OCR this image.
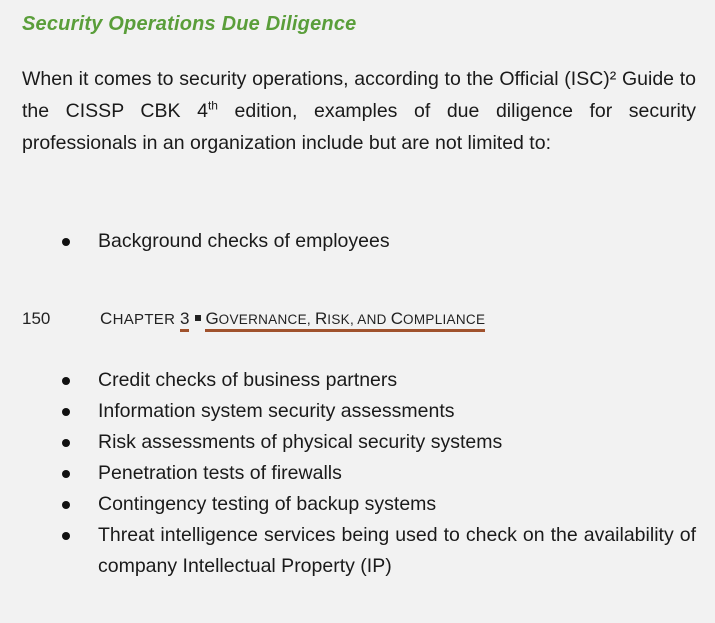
Security Operations Due Diligence

When it comes to security operations, according to the Official (ISC)² Guide to the CISSP CBK 4th edition, examples of due diligence for security professionals in an organization include but are not limited to:

Background checks of employees
150	CHAPTER 3 GOVERNANCE, RISK, AND COMPLIANCE
Credit checks of business partners
Information system security assessments
Risk assessments of physical security systems
Penetration tests of firewalls
Contingency testing of backup systems
Threat intelligence services being used to check on the availability of company Intellectual Property (IP)
